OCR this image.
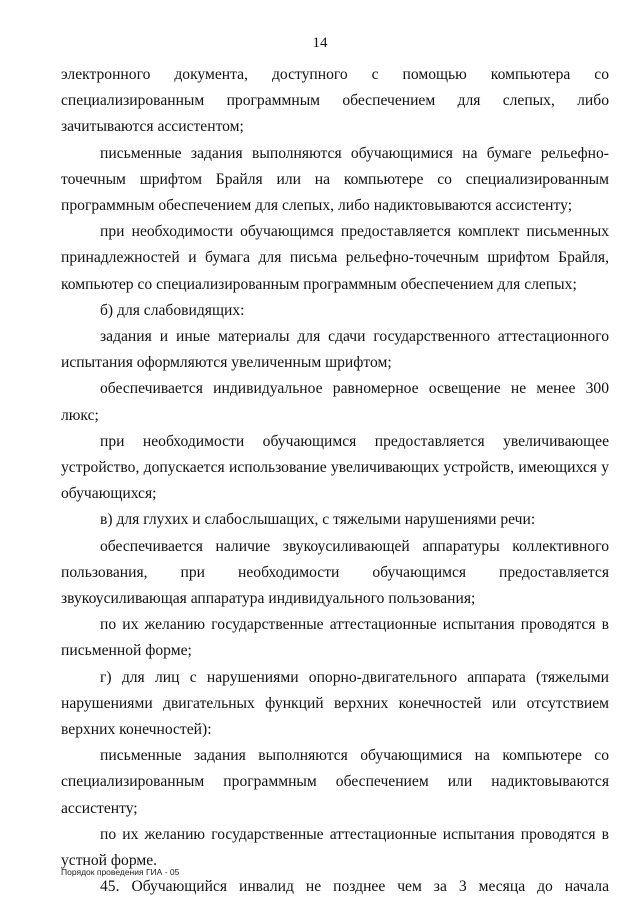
14

электронного документа, доступного с помощью компьютера со специализированным программным обеспечением для слепых, либо зачитываются ассистентом;

письменные задания выполняются обучающимися на бумаге рельефно-точечным шрифтом Брайля или на компьютере со специализированным программным обеспечением для слепых, либо надиктовываются ассистенту;

при необходимости обучающимся предоставляется комплект письменных принадлежностей и бумага для письма рельефно-точечным шрифтом Брайля, компьютер со специализированным программным обеспечением для слепых;

б) для слабовидящих:

задания и иные материалы для сдачи государственного аттестационного испытания оформляются увеличенным шрифтом;

обеспечивается индивидуальное равномерное освещение не менее 300 люкс;

при необходимости обучающимся предоставляется увеличивающее устройство, допускается использование увеличивающих устройств, имеющихся у обучающихся;

в) для глухих и слабослышащих, с тяжелыми нарушениями речи:

обеспечивается наличие звукоусиливающей аппаратуры коллективного пользования, при необходимости обучающимся предоставляется звукоусиливающая аппаратура индивидуального пользования;

по их желанию государственные аттестационные испытания проводятся в письменной форме;

г) для лиц с нарушениями опорно-двигательного аппарата (тяжелыми нарушениями двигательных функций верхних конечностей или отсутствием верхних конечностей):

письменные задания выполняются обучающимися на компьютере со специализированным программным обеспечением или надиктовываются ассистенту;

по их желанию государственные аттестационные испытания проводятся в устной форме.

45. Обучающийся инвалид не позднее чем за 3 месяца до начала

Порядок проведения ГИА - 05
